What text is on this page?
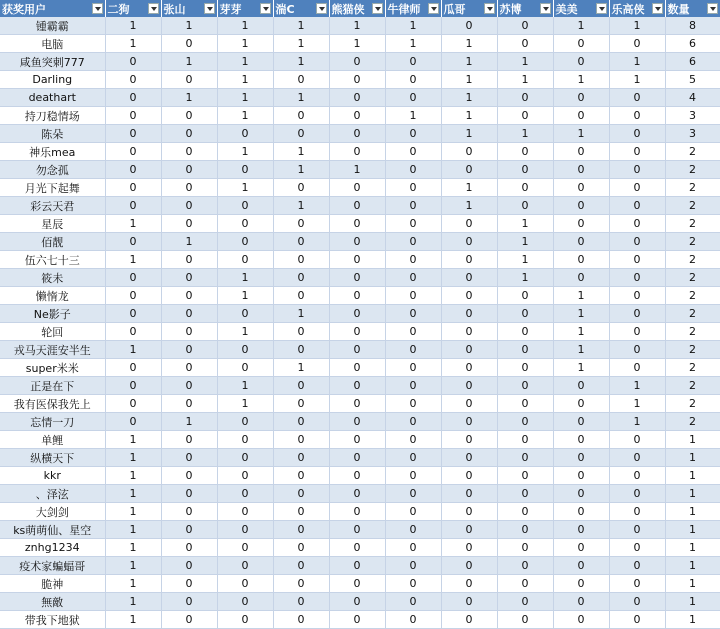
获奖用户	二狗	张山	芽芽	湍C	熊猫侠	牛律师	瓜哥	苏博	美美	乐高侠	数量

锺霸霸	1	1	1	1	1	1	0	0	1	1	8
电脑	1	0	1	1	1	1	1	0	0	0	6
咸鱼突刺777	0	1	1	1	0	0	1	1	0	1	6
Darling	0	0	1	0	0	0	1	1	1	1	5
deathart	0	1	1	1	0	0	1	0	0	0	4
持刀稳情场	0	0	1	0	0	1	1	0	0	0	3
陈朵	0	0	0	0	0	0	1	1	1	0	3
神乐mea	0	0	1	1	0	0	0	0	0	0	2
勿念孤	0	0	0	1	1	0	0	0	0	0	2
月光下起舞	0	0	1	0	0	0	1	0	0	0	2
彩云天君	0	0	0	1	0	0	1	0	0	0	2
星辰	1	0	0	0	0	0	0	1	0	0	2
佰靓	0	1	0	0	0	0	0	1	0	0	2
伍六七十三	1	0	0	0	0	0	0	1	0	0	2
筱未	0	0	1	0	0	0	0	1	0	0	2
懒惰龙	0	0	1	0	0	0	0	0	1	0	2
Ne影子	0	0	0	1	0	0	0	0	1	0	2
轮回	0	0	1	0	0	0	0	0	1	0	2
戎马天涯安半生	1	0	0	0	0	0	0	0	1	0	2
super米米	0	0	0	1	0	0	0	0	1	0	2
正是在下	0	0	1	0	0	0	0	0	0	1	2
我有医保我先上	0	0	1	0	0	0	0	0	0	1	2
忘情一刀	0	1	0	0	0	0	0	0	0	1	2
单鲤	1	0	0	0	0	0	0	0	0	0	1
纵横天下	1	0	0	0	0	0	0	0	0	0	1
kkr	1	0	0	0	0	0	0	0	0	0	1
、泽泫	1	0	0	0	0	0	0	0	0	0	1
大剑剑	1	0	0	0	0	0	0	0	0	0	1
ks萌萌仙、星空	1	0	0	0	0	0	0	0	0	0	1
znhg1234	1	0	0	0	0	0	0	0	0	0	1
疫术家蝙蝠哥	1	0	0	0	0	0	0	0	0	0	1
脆神	1	0	0	0	0	0	0	0	0	0	1
無敵	1	0	0	0	0	0	0	0	0	0	1
带我下地狱	1	0	0	0	0	0	0	0	0	0	1
